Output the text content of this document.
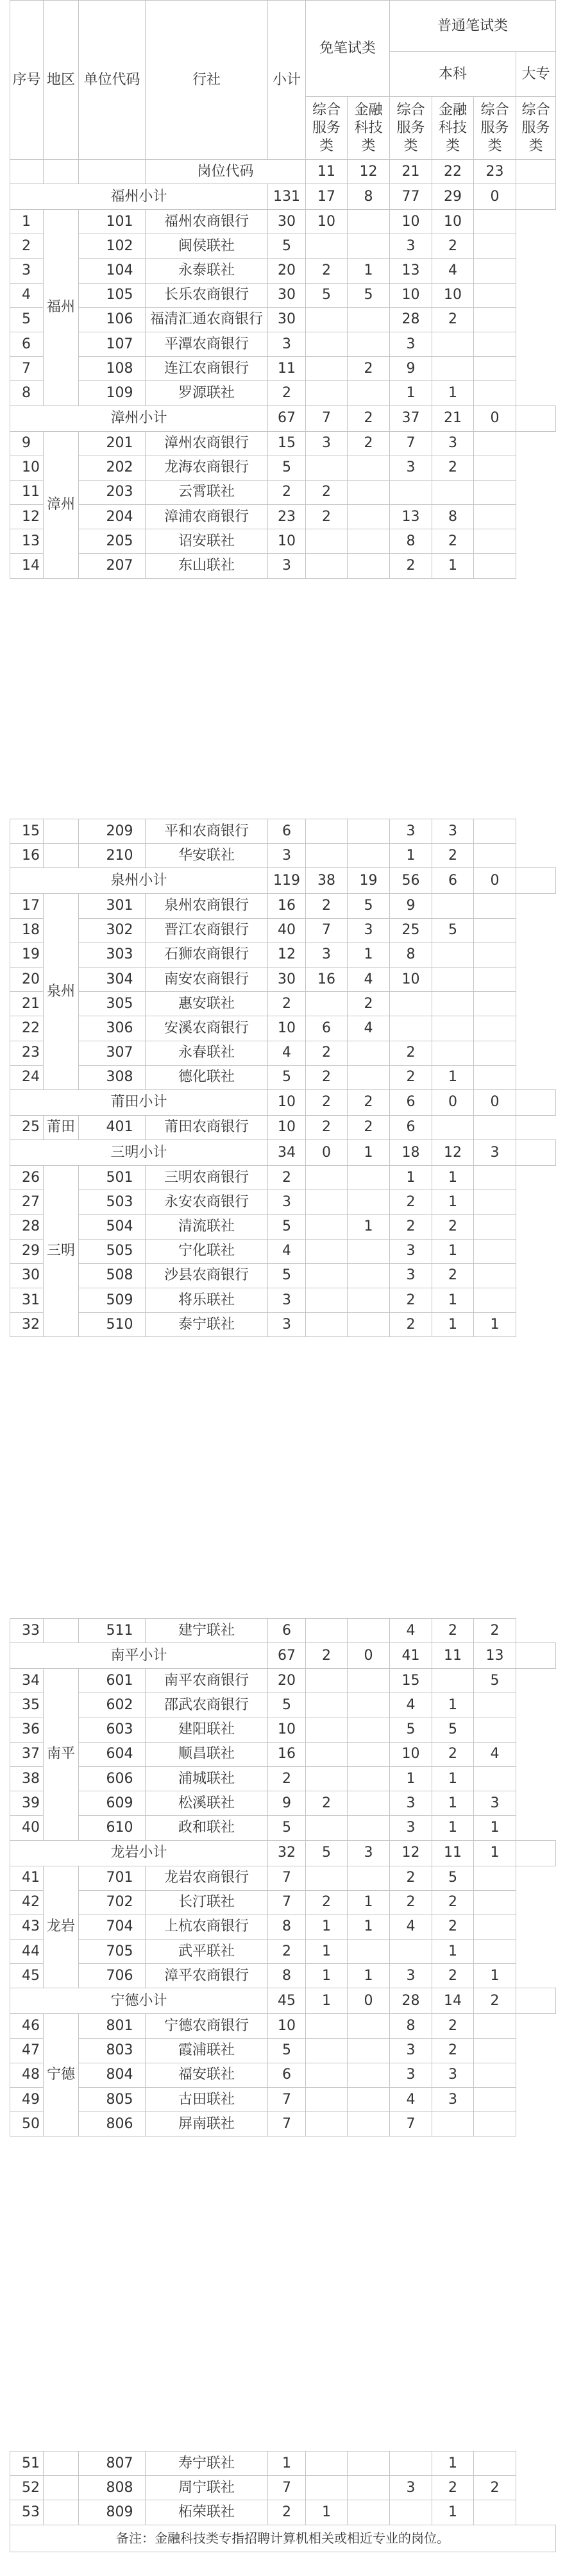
序号	地区	单位代码	行社	小计	免笔试类		普通笔试类			
							本科			大专
					综合服务类	金融科技类	综合服务类	金融科技类	综合服务类	综合服务类
			岗位代码		11	12	21	22	23	
福州小计				131	17	8	77	29	0	
1	福州	101	福州农商银行	30	10		10	10		
2		102	闽侯联社	5			3	2		
3		104	永泰联社	20	2	1	13	4		
4		105	长乐农商银行	30	5	5	10	10		
5		106	福清汇通农商银行	30			28	2		
6		107	平潭农商银行	3			3			
7		108	连江农商银行	11		2	9			
8		109	罗源联社	2			1	1		
漳州小计				67	7	2	37	21	0	
9	漳州	201	漳州农商银行	15	3	2	7	3		
10		202	龙海农商银行	5			3	2		
11		203	云霄联社	2	2					
12		204	漳浦农商银行	23	2		13	8		
13		205	诏安联社	10			8	2		
14		207	东山联社	3			2	1		
15		209	平和农商银行	6			3	3		
16		210	华安联社	3			1	2		
泉州小计				119	38	19	56	6	0	
17	泉州	301	泉州农商银行	16	2	5	9			
18		302	晋江农商银行	40	7	3	25	5		
19		303	石狮农商银行	12	3	1	8			
20		304	南安农商银行	30	16	4	10			
21		305	惠安联社	2		2				
22		306	安溪农商银行	10	6	4				
23		307	永春联社	4	2		2			
24		308	德化联社	5	2		2	1		
莆田小计				10	2	2	6	0	0	
25	莆田	401	莆田农商银行	10	2	2	6			
三明小计				34	0	1	18	12	3	
26	三明	501	三明农商银行	2			1	1		
27		503	永安农商银行	3			2	1		
28		504	清流联社	5		1	2	2		
29		505	宁化联社	4			3	1		
30		508	沙县农商银行	5			3	2		
31		509	将乐联社	3			2	1		
32		510	泰宁联社	3			2	1	1	
33		511	建宁联社	6			4	2	2	
南平小计				67	2	0	41	11	13	
34	南平	601	南平农商银行	20			15		5	
35		602	邵武农商银行	5			4	1		
36		603	建阳联社	10			5	5		
37		604	顺昌联社	16			10	2	4	
38		606	浦城联社	2			1	1		
39		609	松溪联社	9	2		3	1	3	
40		610	政和联社	5			3	1	1	
龙岩小计				32	5	3	12	11	1	
41	龙岩	701	龙岩农商银行	7			2	5		
42		702	长汀联社	7	2	1	2	2		
43		704	上杭农商银行	8	1	1	4	2		
44		705	武平联社	2	1			1		
45		706	漳平农商银行	8	1	1	3	2	1	
宁德小计				45	1	0	28	14	2	
46	宁德	801	宁德农商银行	10			8	2		
47		803	霞浦联社	5			3	2		
48		804	福安联社	6			3	3		
49		805	古田联社	7			4	3		
50		806	屏南联社	7			7			
51		807	寿宁联社	1				1	
52		808	周宁联社	7			3	2	2
53		809	柘荣联社	2	1			1	
备注：金融科技类专指招聘计算机相关或相近专业的岗位。									
